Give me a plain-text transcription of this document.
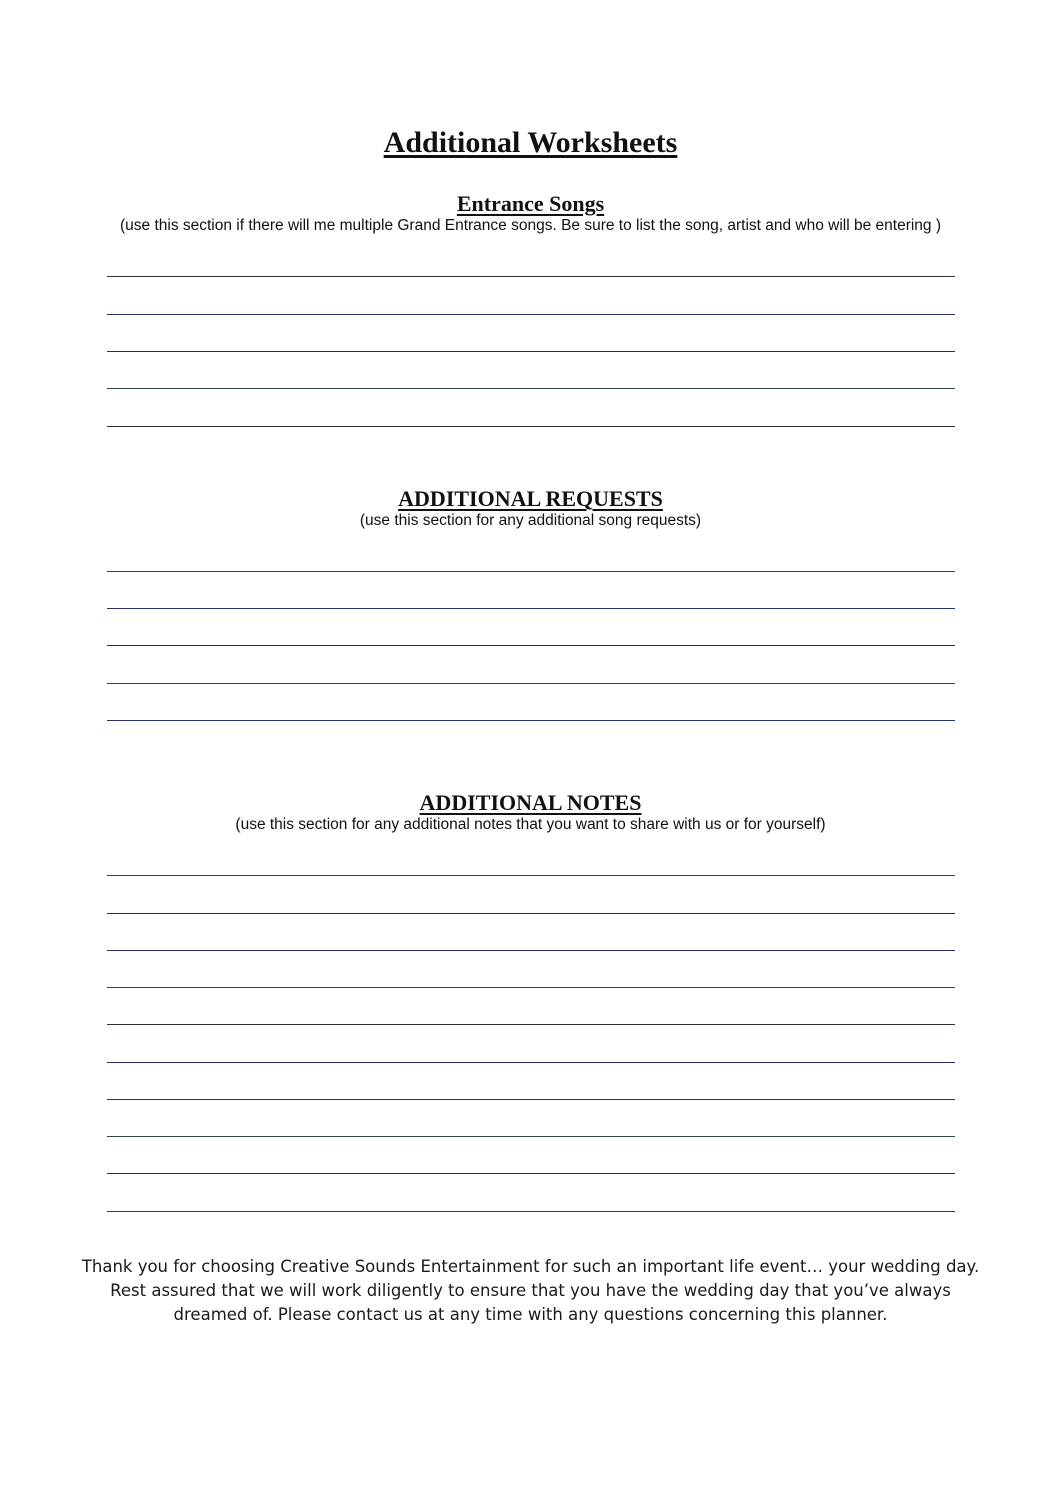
Additional Worksheets
Entrance Songs
(use this section if there will me multiple Grand Entrance songs. Be sure to list the song, artist and who will be entering )
ADDITIONAL REQUESTS
(use this section for any additional song requests)
ADDITIONAL NOTES
(use this section for any additional notes that you want to share with us or for yourself)
Thank you for choosing Creative Sounds Entertainment for such an important life event… your wedding day.
Rest assured that we will work diligently to ensure that you have the wedding day that you’ve always
dreamed of. Please contact us at any time with any questions concerning this planner.
